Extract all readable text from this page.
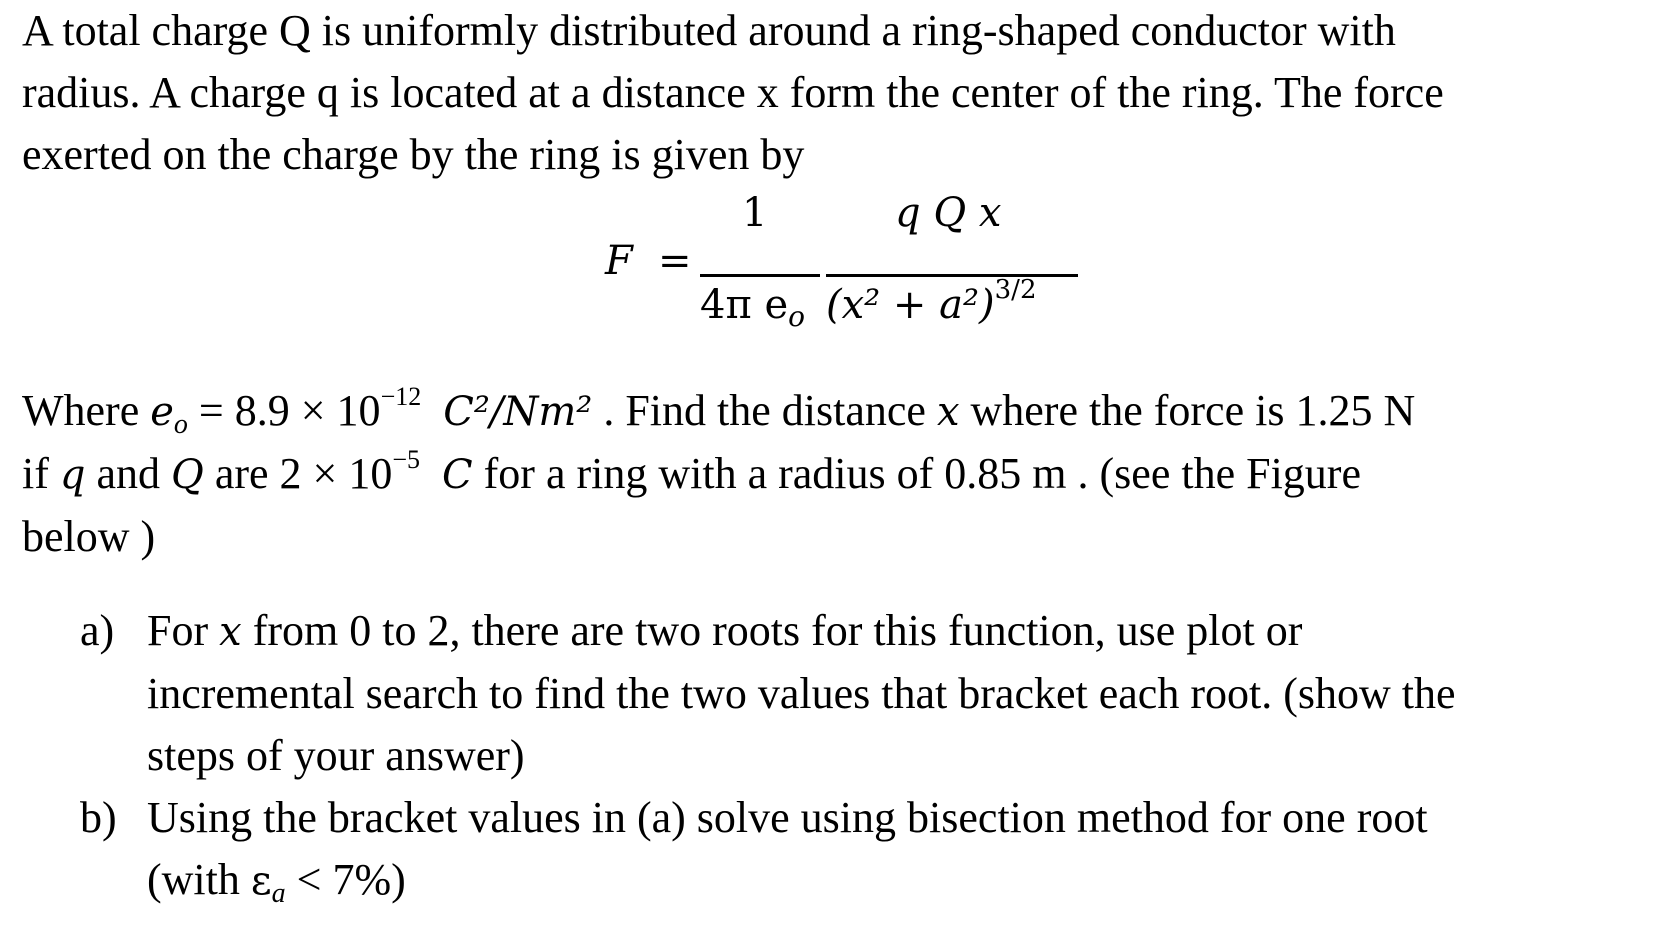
A total charge Q is uniformly distributed around a ring-shaped conductor with
radius. A charge q is located at a distance x form the center of the ring. The force
exerted on the charge by the ring is given by
F =
1
4π $e_o$
q Q x
$(x^2 + a^2)^{3/2}$
Where $e_o = 8.9 \times 10^{-12}$ C²/Nm² . Find the distance x where the force is 1.25 N
if q and Q are $2 \times 10^{-5}$ C for a ring with a radius of 0.85 m . (see the Figure
below )
a) For x from 0 to 2, there are two roots for this function, use plot or
incremental search to find the two values that bracket each root. (show the
steps of your answer)
b) Using the bracket values in (a) solve using bisection method for one root
(with $\varepsilon_a < 7\%$)
